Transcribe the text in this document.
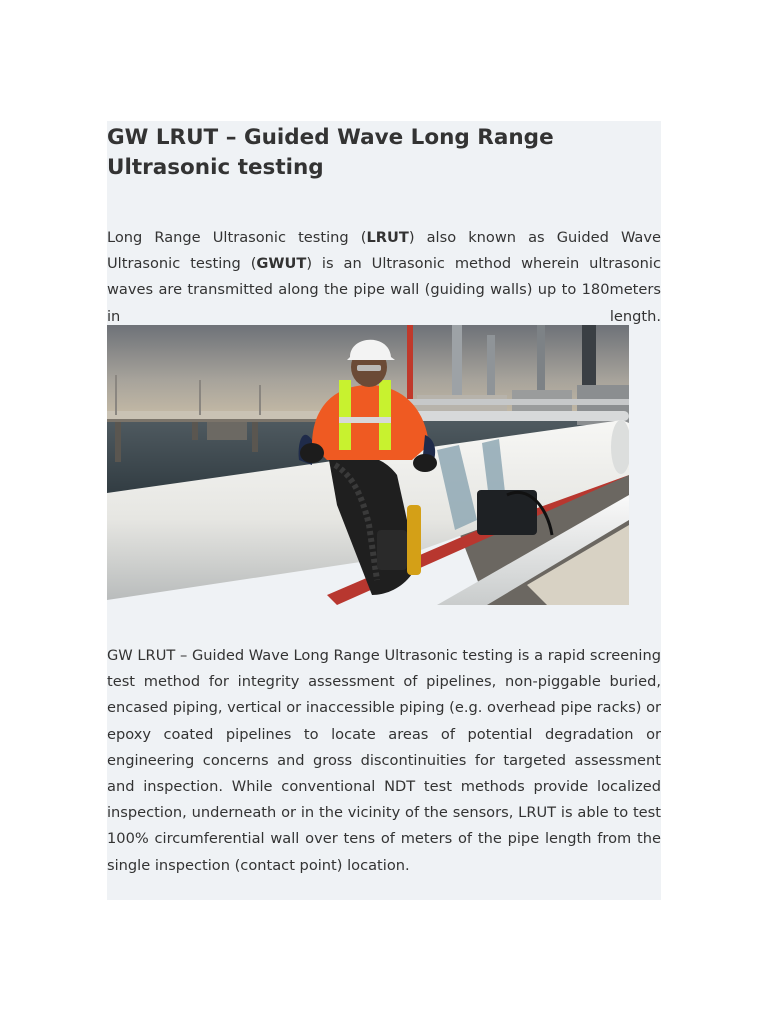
GW LRUT – Guided Wave Long Range Ultrasonic testing

Long Range Ultrasonic testing (LRUT) also known as Guided Wave Ultrasonic testing (GWUT) is an Ultrasonic method wherein ultrasonic waves are transmitted along the pipe wall (guiding walls) up to 180meters in length.

GW LRUT – Guided Wave Long Range Ultrasonic testing is a rapid screening test method for integrity assessment of pipelines, non-piggable buried, encased piping, vertical or inaccessible piping (e.g. overhead pipe racks) or epoxy coated pipelines to locate areas of potential degradation or engineering concerns and gross discontinuities for targeted assessment and inspection. While conventional NDT test methods provide localized inspection, underneath or in the vicinity of the sensors, LRUT is able to test 100% circumferential wall over tens of meters of the pipe length from the single inspection (contact point) location.
